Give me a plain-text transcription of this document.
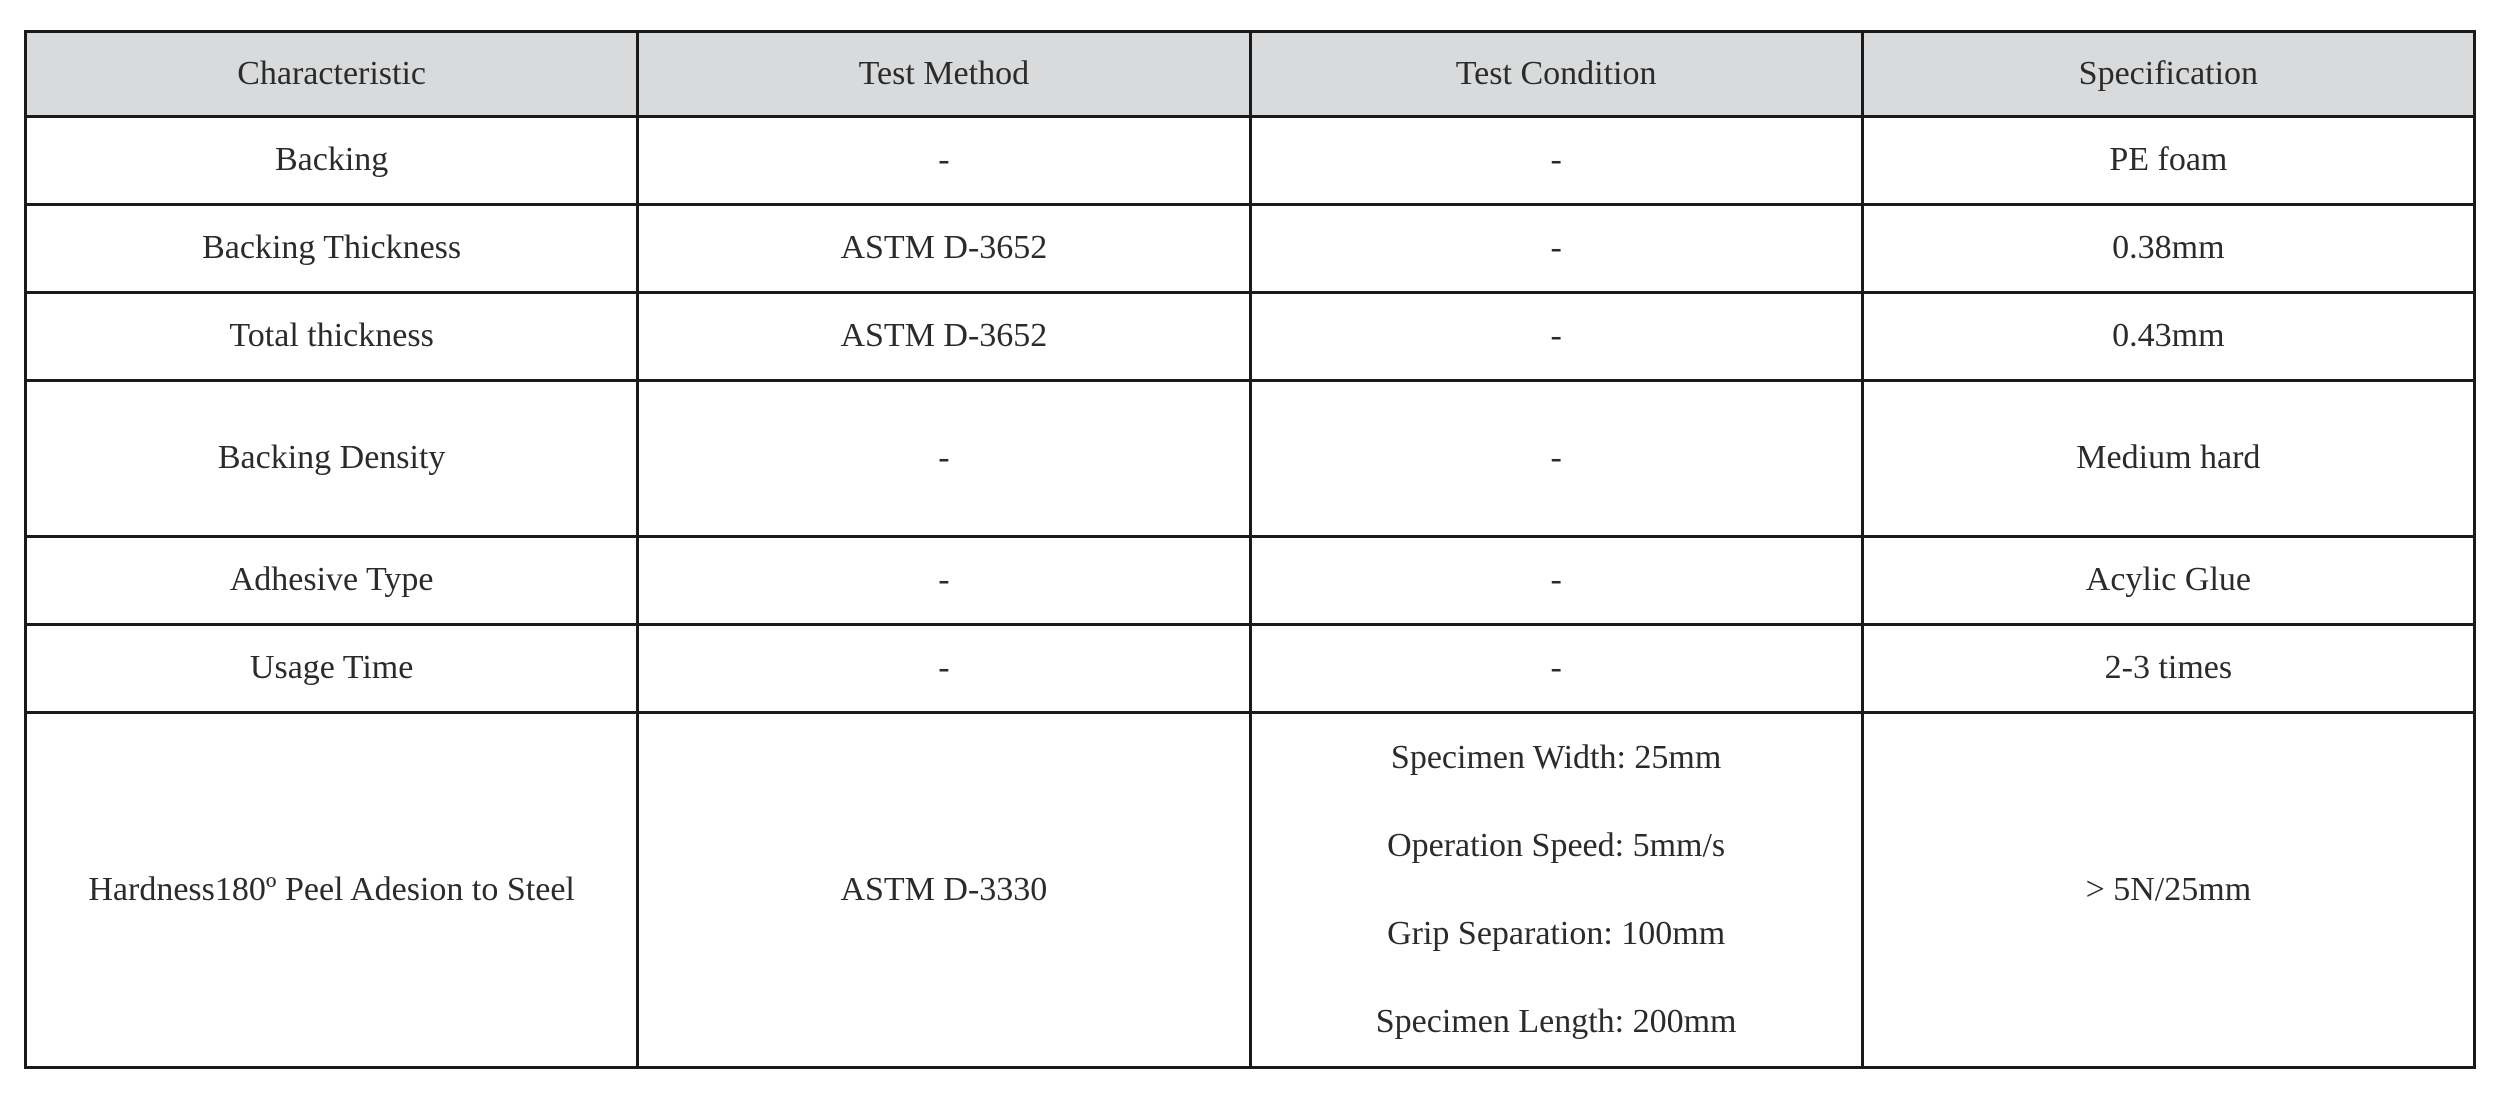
Characteristic	Test Method	Test Condition	Specification
Backing	-	-	PE foam
Backing Thickness	ASTM D-3652	-	0.38mm
Total thickness	ASTM D-3652	-	0.43mm
Backing Density	-	-	Medium hard
Adhesive Type	-	-	Acylic Glue
Usage Time	-	-	2-3 times
Hardness180º Peel Adesion to Steel	ASTM D-3330	Specimen Width: 25mm
Operation Speed: 5mm/s
Grip Separation: 100mm
Specimen Length: 200mm	> 5N/25mm
